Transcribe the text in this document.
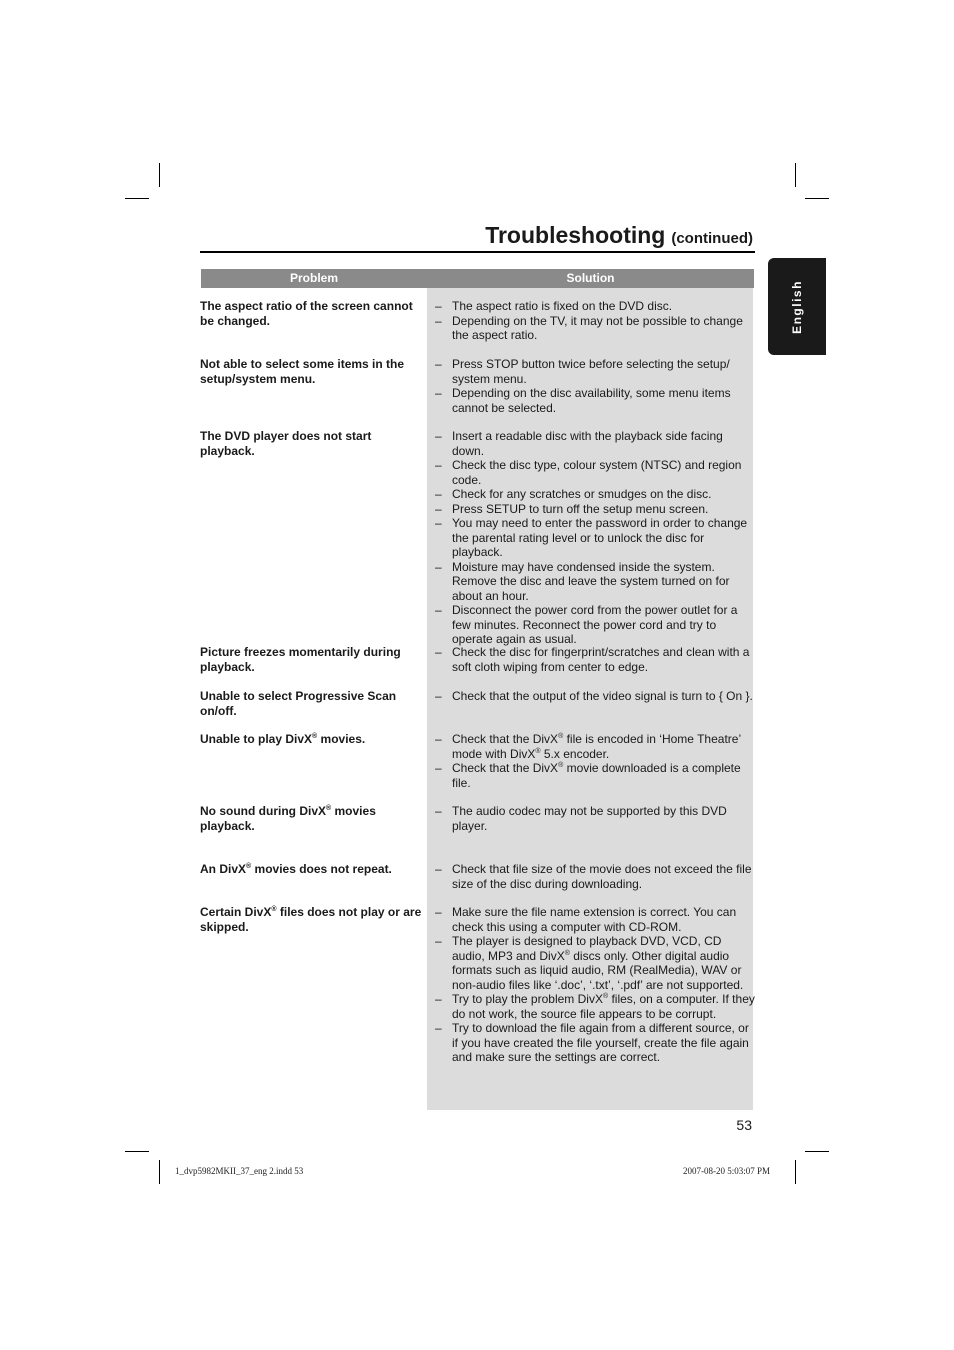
Troubleshooting (continued)
English
Problem	Solution
The aspect ratio of the screen cannot be changed.
– The aspect ratio is fixed on the DVD disc.
– Depending on the TV, it may not be possible to change the aspect ratio.
Not able to select some items in the setup/system menu.
– Press STOP button twice before selecting the setup/ system menu.
– Depending on the disc availability, some menu items cannot be selected.
The DVD player does not start playback.
– Insert a readable disc with the playback side facing down.
– Check the disc type, colour system (NTSC) and region code.
– Check for any scratches or smudges on the disc.
– Press SETUP to turn off the setup menu screen.
– You may need to enter the password in order to change the parental rating level or to unlock the disc for playback.
– Moisture may have condensed inside the system. Remove the disc and leave the system turned on for about an hour.
– Disconnect the power cord from the power outlet for a few minutes. Reconnect the power cord and try to operate again as usual.
Picture freezes momentarily during playback.
– Check the disc for fingerprint/scratches and clean with a soft cloth wiping from center to edge.
Unable to select Progressive Scan on/off.
– Check that the output of the video signal is turn to { On }.
Unable to play DivX® movies.	– Check that the DivX® file is encoded in ‘Home Theatre’ mode with DivX® 5.x encoder.
– Check that the DivX® movie downloaded is a complete file.
No sound during DivX® movies playback.
– The audio codec may not be supported by this DVD player.
An DivX® movies does not repeat.	– Check that file size of the movie does not exceed the file size of the disc during downloading.
Certain DivX® files does not play or are skipped.
– Make sure the file name extension is correct. You can check this using a computer with CD-ROM.
– The player is designed to playback DVD, VCD, CD audio, MP3 and DivX® discs only. Other digital audio formats such as liquid audio, RM (RealMedia), WAV or non-audio files like ‘.doc’, ‘.txt’, ‘.pdf’ are not supported.
– Try to play the problem DivX® files, on a computer. If they do not work, the source file appears to be corrupt.
– Try to download the file again from a different source, or if you have created the file yourself, create the file again and make sure the settings are correct.
53
1_dvp5982MKII_37_eng 2.indd 53	2007-08-20 5:03:07 PM
